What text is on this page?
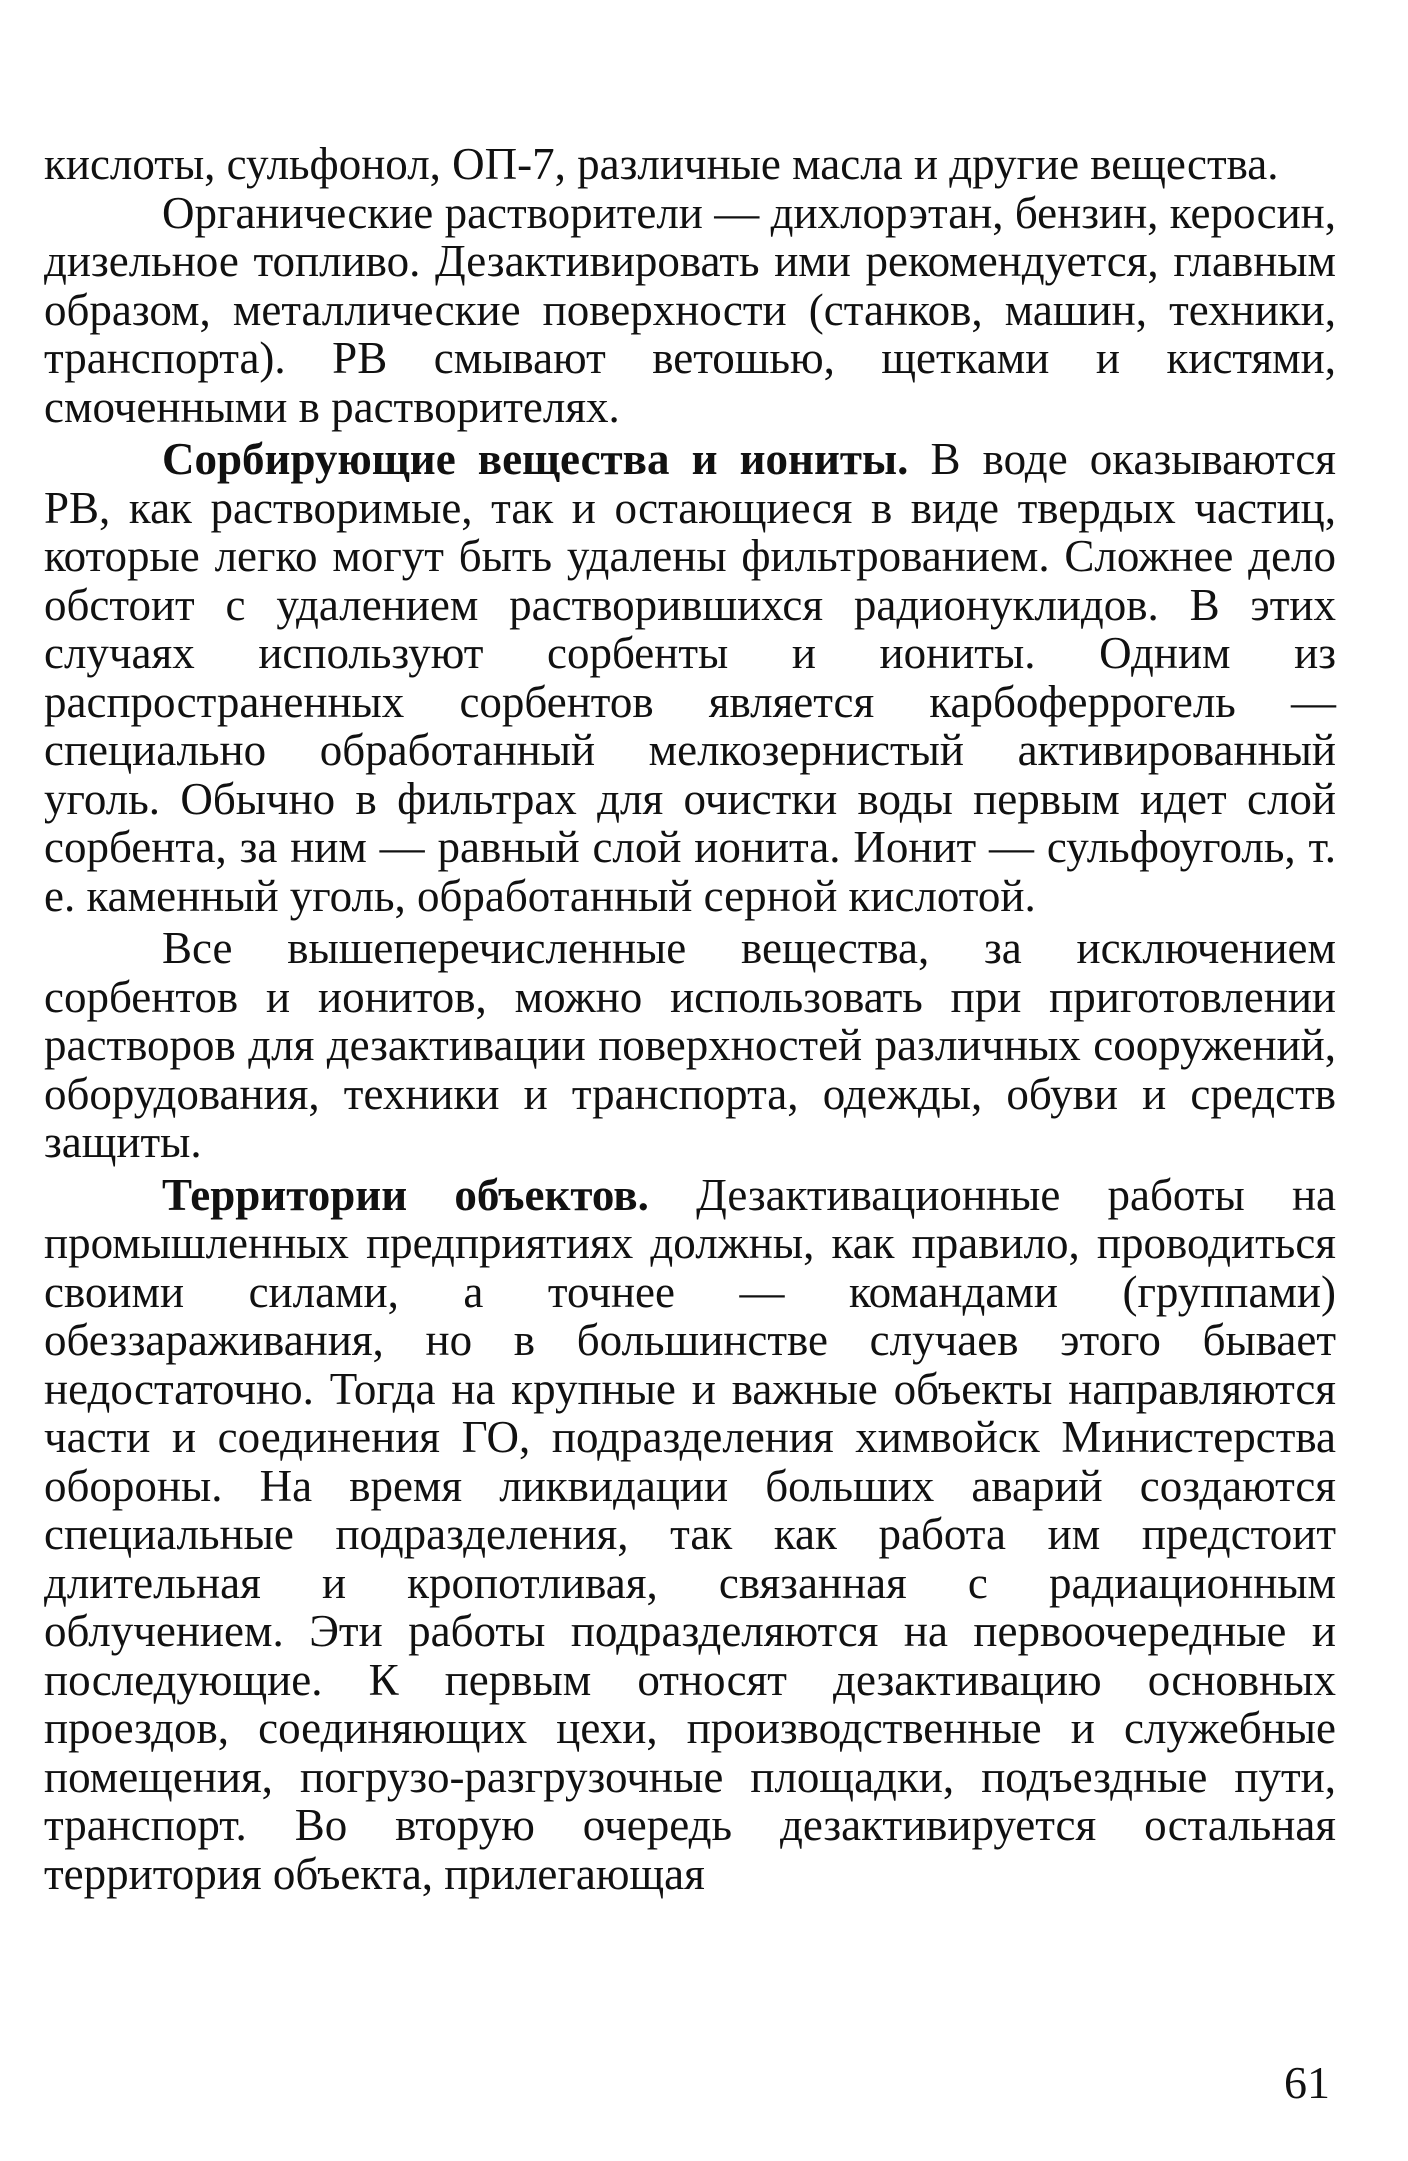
кислоты, сульфонол, ОП-7, различные масла и другие вещества.

Органические растворители — дихлорэтан, бензин, керосин, дизельное топливо. Дезактивировать ими рекомендуется, главным образом, металлические поверхности (станков, машин, техники, транспорта). РВ смывают ветошью, щетками и кистями, смоченными в растворителях.

Сорбирующие вещества и иониты. В воде оказываются РВ, как растворимые, так и остающиеся в виде твердых частиц, которые легко могут быть удалены фильтрованием. Сложнее дело обстоит с удалением растворившихся радионуклидов. В этих случаях используют сорбенты и иониты. Одним из распространенных сорбентов является карбоферрогель — специально обработанный мелкозернистый активированный уголь. Обычно в фильтрах для очистки воды первым идет слой сорбента, за ним — равный слой ионита. Ионит — сульфоуголь, т. е. каменный уголь, обработанный серной кислотой.

Все вышеперечисленные вещества, за исключением сорбентов и ионитов, можно использовать при приготовлении растворов для дезактивации поверхностей различных сооружений, оборудования, техники и транспорта, одежды, обуви и средств защиты.

Территории объектов. Дезактивационные работы на промышленных предприятиях должны, как правило, проводиться своими силами, а точнее — командами (группами) обеззараживания, но в большинстве случаев этого бывает недостаточно. Тогда на крупные и важные объекты направляются части и соединения ГО, подразделения химвойск Министерства обороны. На время ликвидации больших аварий создаются специальные подразделения, так как работа им предстоит длительная и кропотливая, связанная с радиационным облучением. Эти работы подразделяются на первоочередные и последующие. К первым относят дезактивацию основных проездов, соединяющих цехи, производственные и служебные помещения, погрузо-разгрузочные площадки, подъездные пути, транспорт. Во вторую очередь дезактивируется остальная территория объекта, прилегающая

61
